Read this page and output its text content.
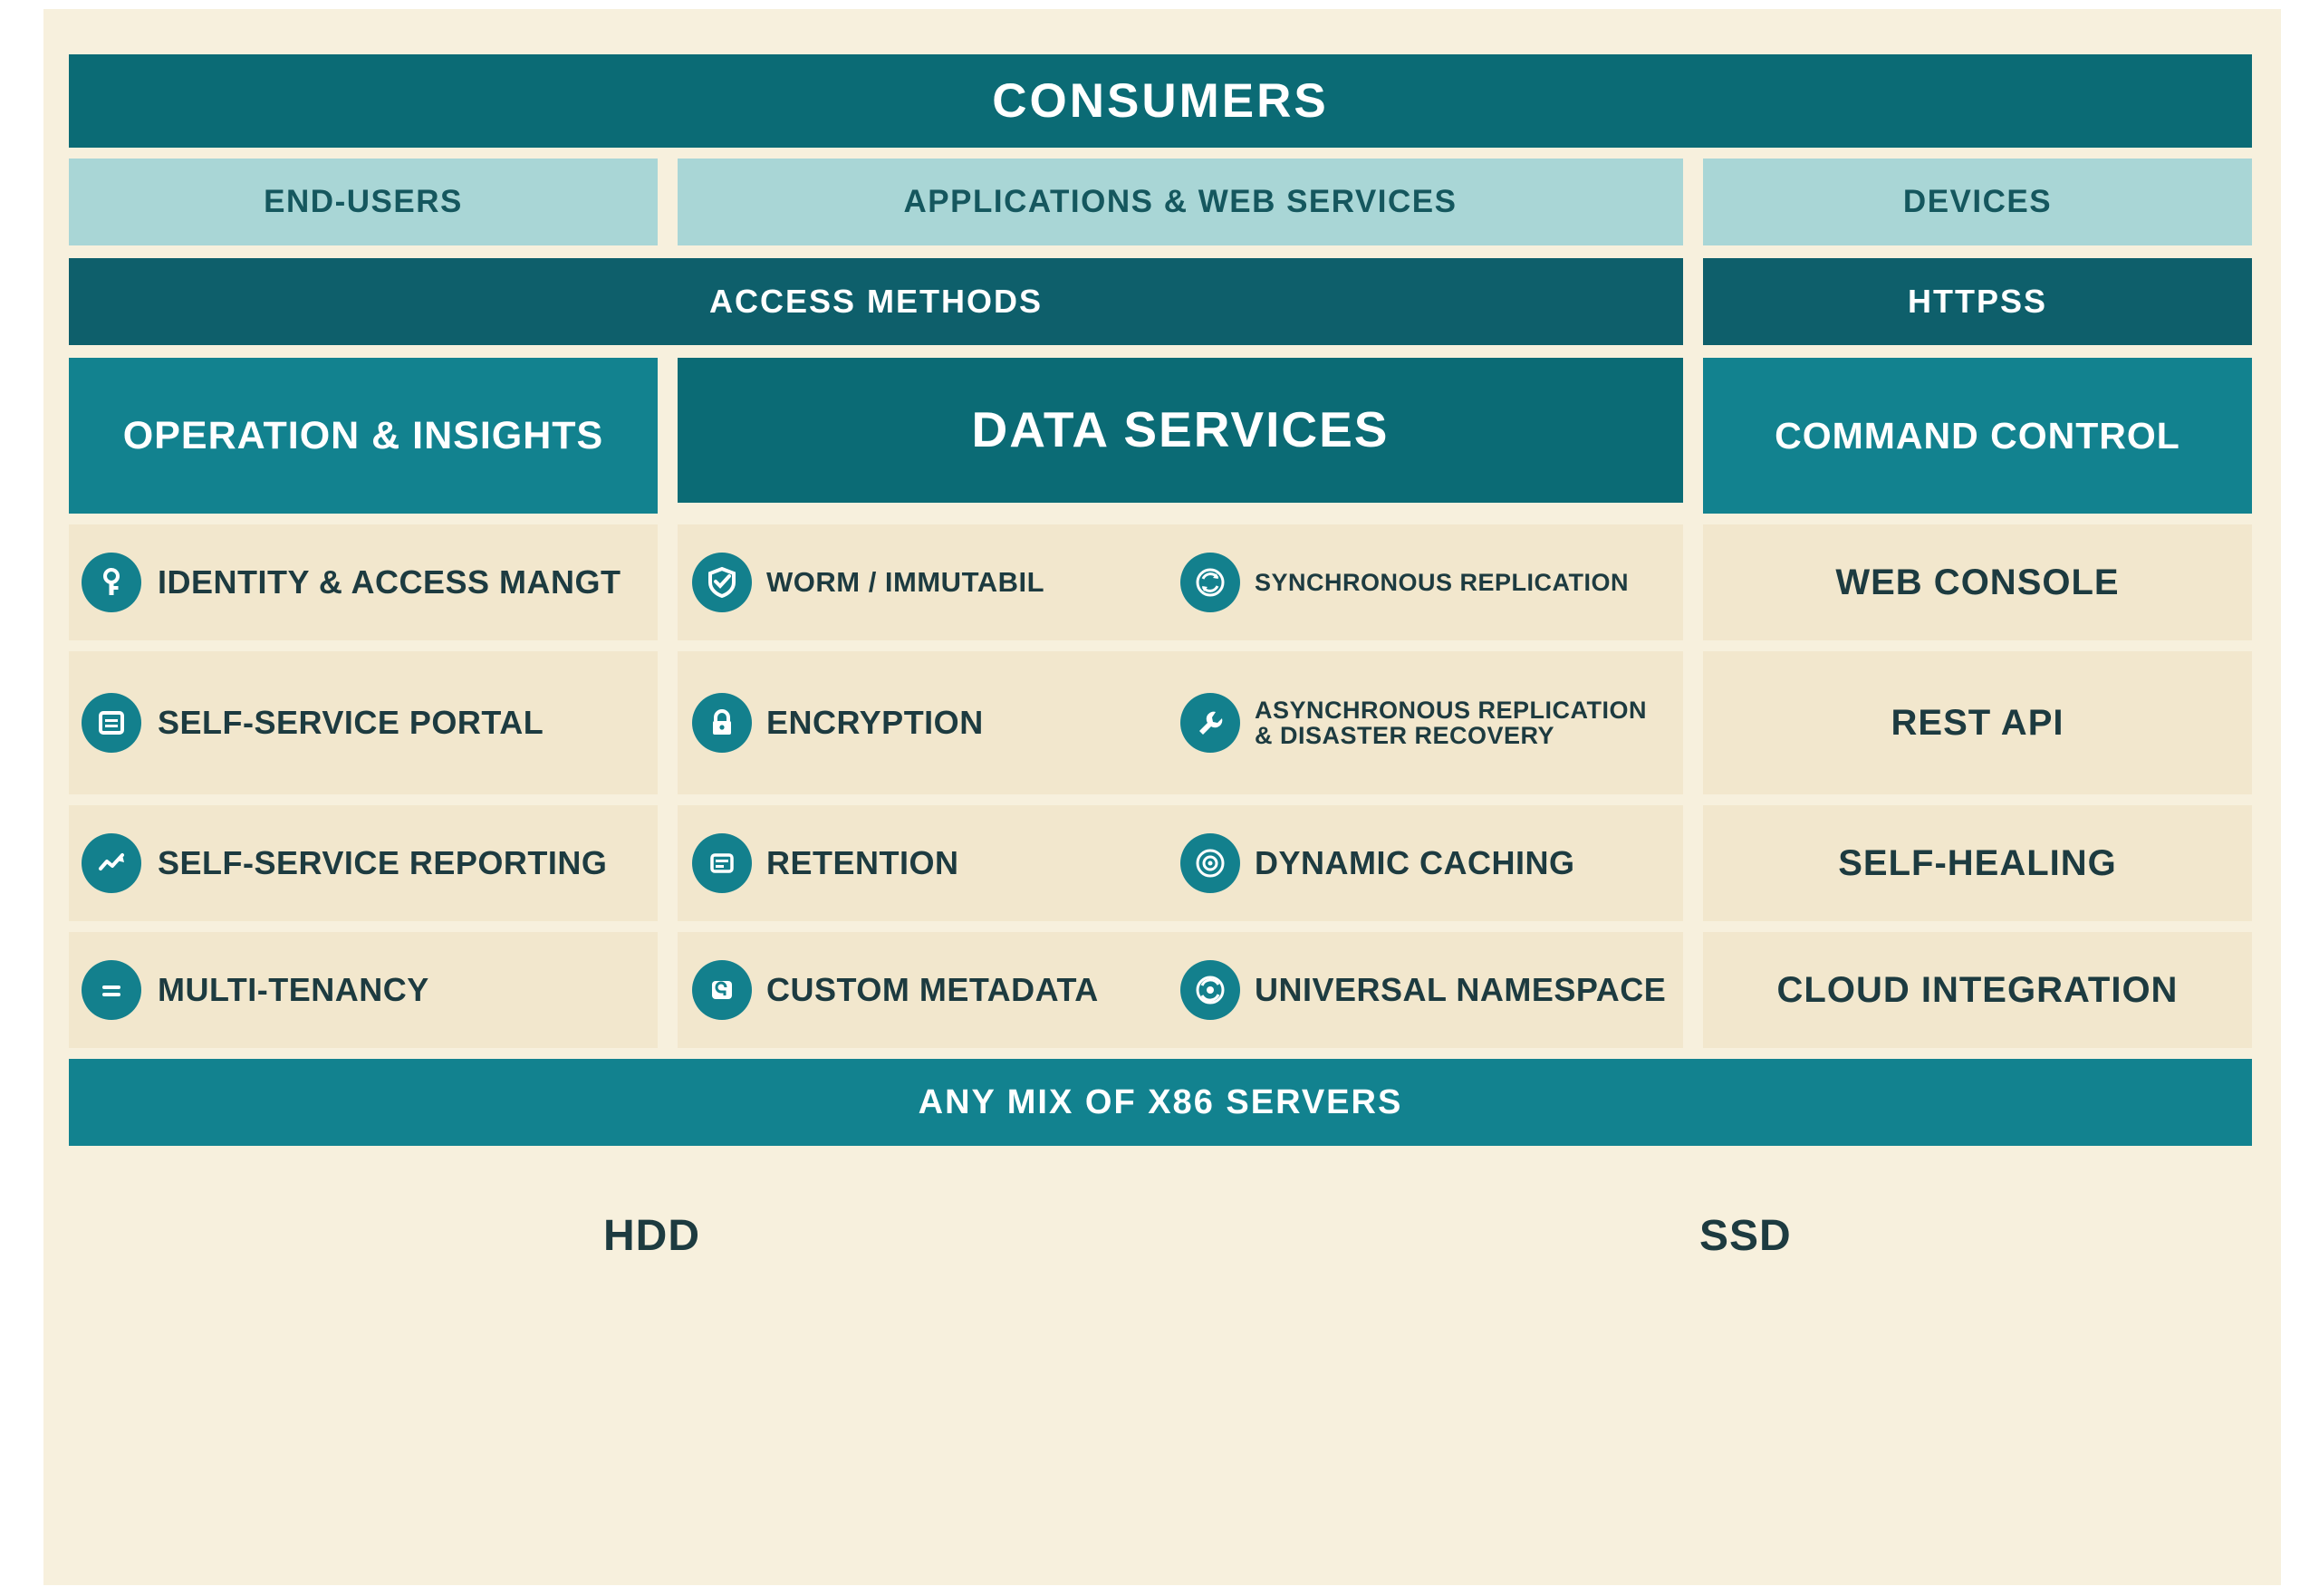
CONSUMERS
END-USERS	APPLICATIONS & WEB SERVICES	DEVICES
ACCESS METHODS	HTTPSS
OPERATION & INSIGHTS	DATA SERVICES	COMMAND CONTROL
IDENTITY & ACCESS MANGT	WORM / IMMUTABIL	SYNCHRONOUS REPLICATION	WEB CONSOLE
SELF-SERVICE PORTAL	ENCRYPTION	ASYNCHRONOUS REPLICATION & DISASTER RECOVERY	REST API
SELF-SERVICE REPORTING	RETENTION	DYNAMIC CACHING	SELF-HEALING
MULTI-TENANCY	CUSTOM METADATA	UNIVERSAL NAMESPACE	CLOUD INTEGRATION
ANY MIX OF X86 SERVERS
HDD	SSD
